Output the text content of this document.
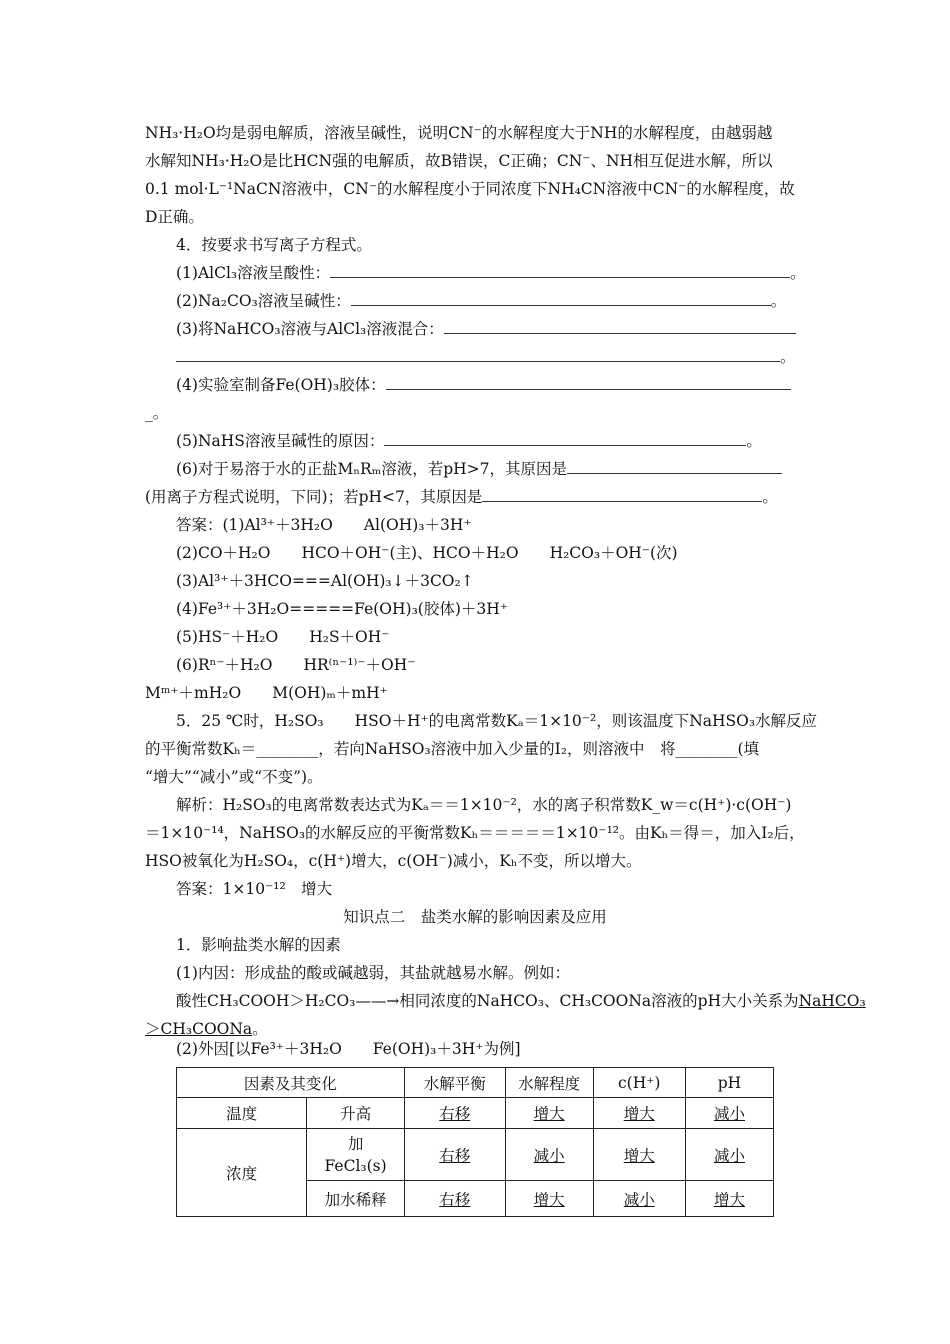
NH₃·H₂O均是弱电解质，溶液呈碱性，说明CN⁻的水解程度大于NH的水解程度，由越弱越
水解知NH₃·H₂O是比HCN强的电解质，故B错误，C正确；CN⁻、NH相互促进水解，所以
0.1 mol·L⁻¹NaCN溶液中，CN⁻的水解程度小于同浓度下NH₄CN溶液中CN⁻的水解程度，故
D正确。
4．按要求书写离子方程式。
(1)AlCl₃溶液呈酸性：	。
(2)Na₂CO₃溶液呈碱性：	。
(3)将NaHCO₃溶液与AlCl₃溶液混合：
。
(4)实验室制备Fe(OH)₃胶体：
_。
(5)NaHS溶液呈碱性的原因：	。
(6)对于易溶于水的正盐MₙRₘ溶液，若pH>7，其原因是
(用离子方程式说明，下同)；若pH<7，其原因是	。
答案：(1)Al³⁺＋3H₂O　　Al(OH)₃＋3H⁺
(2)CO＋H₂O　　HCO＋OH⁻(主)、HCO＋H₂O　　H₂CO₃＋OH⁻(次)
(3)Al³⁺＋3HCO===Al(OH)₃↓＋3CO₂↑
(4)Fe³⁺＋3H₂O=====Fe(OH)₃(胶体)＋3H⁺
(5)HS⁻＋H₂O　　H₂S＋OH⁻
(6)Rⁿ⁻＋H₂O　　HR⁽ⁿ⁻¹⁾⁻＋OH⁻
Mᵐ⁺＋mH₂O　　M(OH)ₘ＋mH⁺
5．25 ℃时，H₂SO₃　　HSO＋H⁺的电离常数Kₐ＝1×10⁻²，则该温度下NaHSO₃水解反应
的平衡常数Kₕ＝________，若向NaHSO₃溶液中加入少量的I₂，则溶液中　将________(填
“增大”“减小”或“不变”)。
解析：H₂SO₃的电离常数表达式为Kₐ＝＝1×10⁻²，水的离子积常数K_w＝c(H⁺)·c(OH⁻)
＝1×10⁻¹⁴，NaHSO₃的水解反应的平衡常数Kₕ＝＝＝＝＝1×10⁻¹²。由Kₕ＝得＝，加入I₂后，
HSO被氧化为H₂SO₄，c(H⁺)增大，c(OH⁻)减小，Kₕ不变，所以增大。
答案：1×10⁻¹²　增大
知识点二　盐类水解的影响因素及应用
1．影响盐类水解的因素
(1)内因：形成盐的酸或碱越弱，其盐就越易水解。例如：
酸性CH₃COOH＞H₂CO₃——→相同浓度的NaHCO₃、CH₃COONa溶液的pH大小关系为NaHCO₃
＞CH₃COONa。
(2)外因[以Fe³⁺＋3H₂O　　Fe(OH)₃＋3H⁺为例]
因素及其变化		水解平衡	水解程度	c(H⁺)	pH
温度	升高	右移	增大	增大	减小
浓度	加
FeCl₃(s)	右移	减小	增大	减小
	加水稀释	右移	增大	减小	增大
